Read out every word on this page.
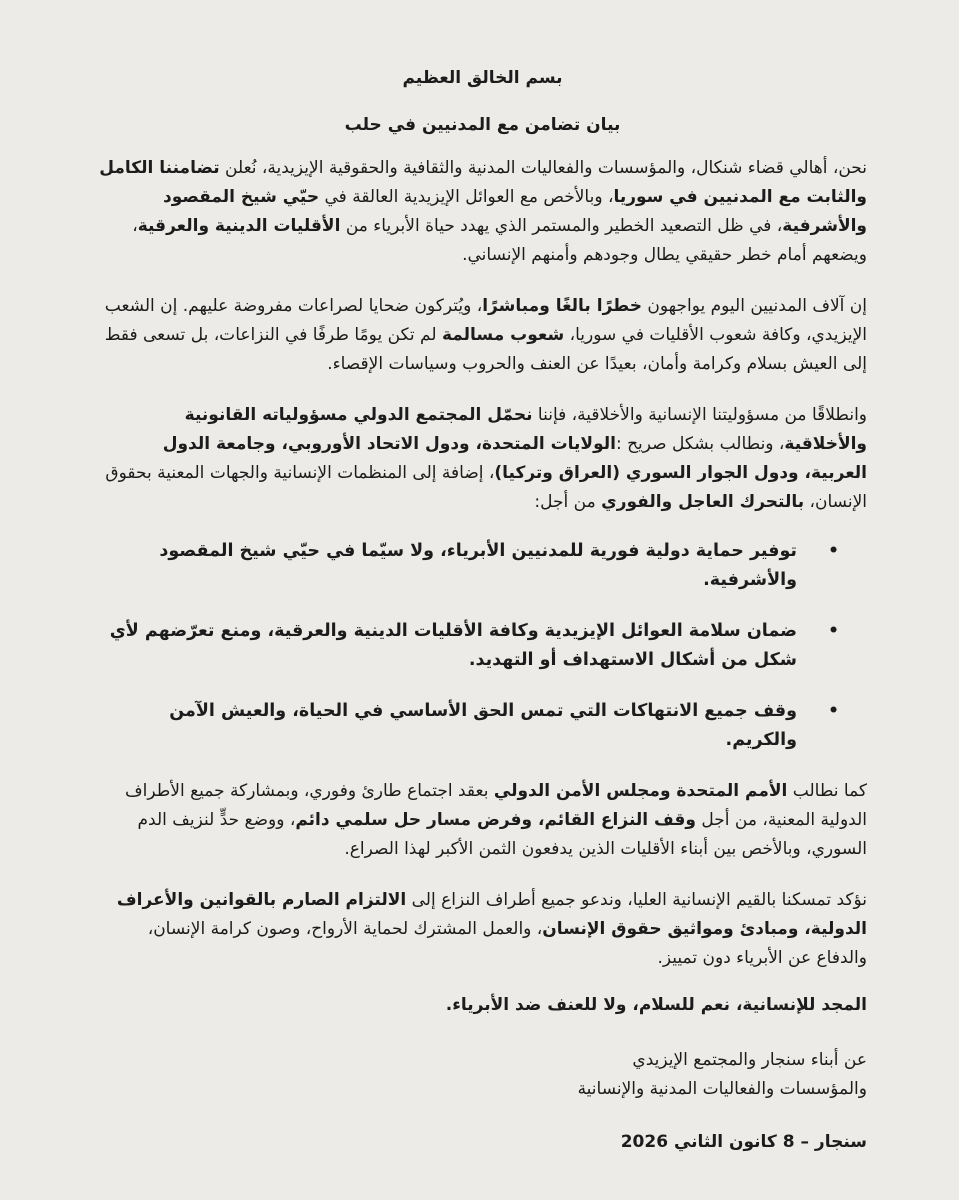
بسم الخالق العظيم

بيان تضامن مع المدنيين في حلب

نحن، أهالي قضاء شنكال، والمؤسسات والفعاليات المدنية والثقافية والحقوقية الإيزيدية، نُعلن تضامننا الكامل والثابت مع المدنيين في سوريا، وبالأخص مع العوائل الإيزيدية العالقة في حيّي شيخ المقصود والأشرفية، في ظل التصعيد الخطير والمستمر الذي يهدد حياة الأبرياء من الأقليات الدينية والعرقية، ويضعهم أمام خطر حقيقي يطال وجودهم وأمنهم الإنساني.

إن آلاف المدنيين اليوم يواجهون خطرًا بالغًا ومباشرًا، ويُتركون ضحايا لصراعات مفروضة عليهم. إن الشعب الإيزيدي، وكافة شعوب الأقليات في سوريا، شعوب مسالمة لم تكن يومًا طرفًا في النزاعات، بل تسعى فقط إلى العيش بسلام وكرامة وأمان، بعيدًا عن العنف والحروب وسياسات الإقصاء.

وانطلاقًا من مسؤوليتنا الإنسانية والأخلاقية، فإننا نحمّل المجتمع الدولي مسؤولياته القانونية والأخلاقية، ونطالب بشكل صريح :الولايات المتحدة، ودول الاتحاد الأوروبي، وجامعة الدول العربية، ودول الجوار السوري (العراق وتركيا)، إضافة إلى المنظمات الإنسانية والجهات المعنية بحقوق الإنسان، بالتحرك العاجل والفوري من أجل:

•
توفير حماية دولية فورية للمدنيين الأبرياء، ولا سيّما في حيّي شيخ المقصود والأشرفية.
•
ضمان سلامة العوائل الإيزيدية وكافة الأقليات الدينية والعرقية، ومنع تعرّضهم لأي شكل من أشكال الاستهداف أو التهديد.
•
وقف جميع الانتهاكات التي تمس الحق الأساسي في الحياة، والعيش الآمن والكريم.

كما نطالب الأمم المتحدة ومجلس الأمن الدولي بعقد اجتماع طارئ وفوري، وبمشاركة جميع الأطراف الدولية المعنية، من أجل وقف النزاع القائم، وفرض مسار حل سلمي دائم، ووضع حدٍّ لنزيف الدم السوري، وبالأخص بين أبناء الأقليات الذين يدفعون الثمن الأكبر لهذا الصراع.

نؤكد تمسكنا بالقيم الإنسانية العليا، وندعو جميع أطراف النزاع إلى الالتزام الصارم بالقوانين والأعراف الدولية، ومبادئ ومواثيق حقوق الإنسان، والعمل المشترك لحماية الأرواح، وصون كرامة الإنسان، والدفاع عن الأبرياء دون تمييز.

المجد للإنسانية، نعم للسلام، ولا للعنف ضد الأبرياء.

عن أبناء سنجار والمجتمع الإيزيدي
والمؤسسات والفعاليات المدنية والإنسانية
سنجار – 8 كانون الثاني 2026
